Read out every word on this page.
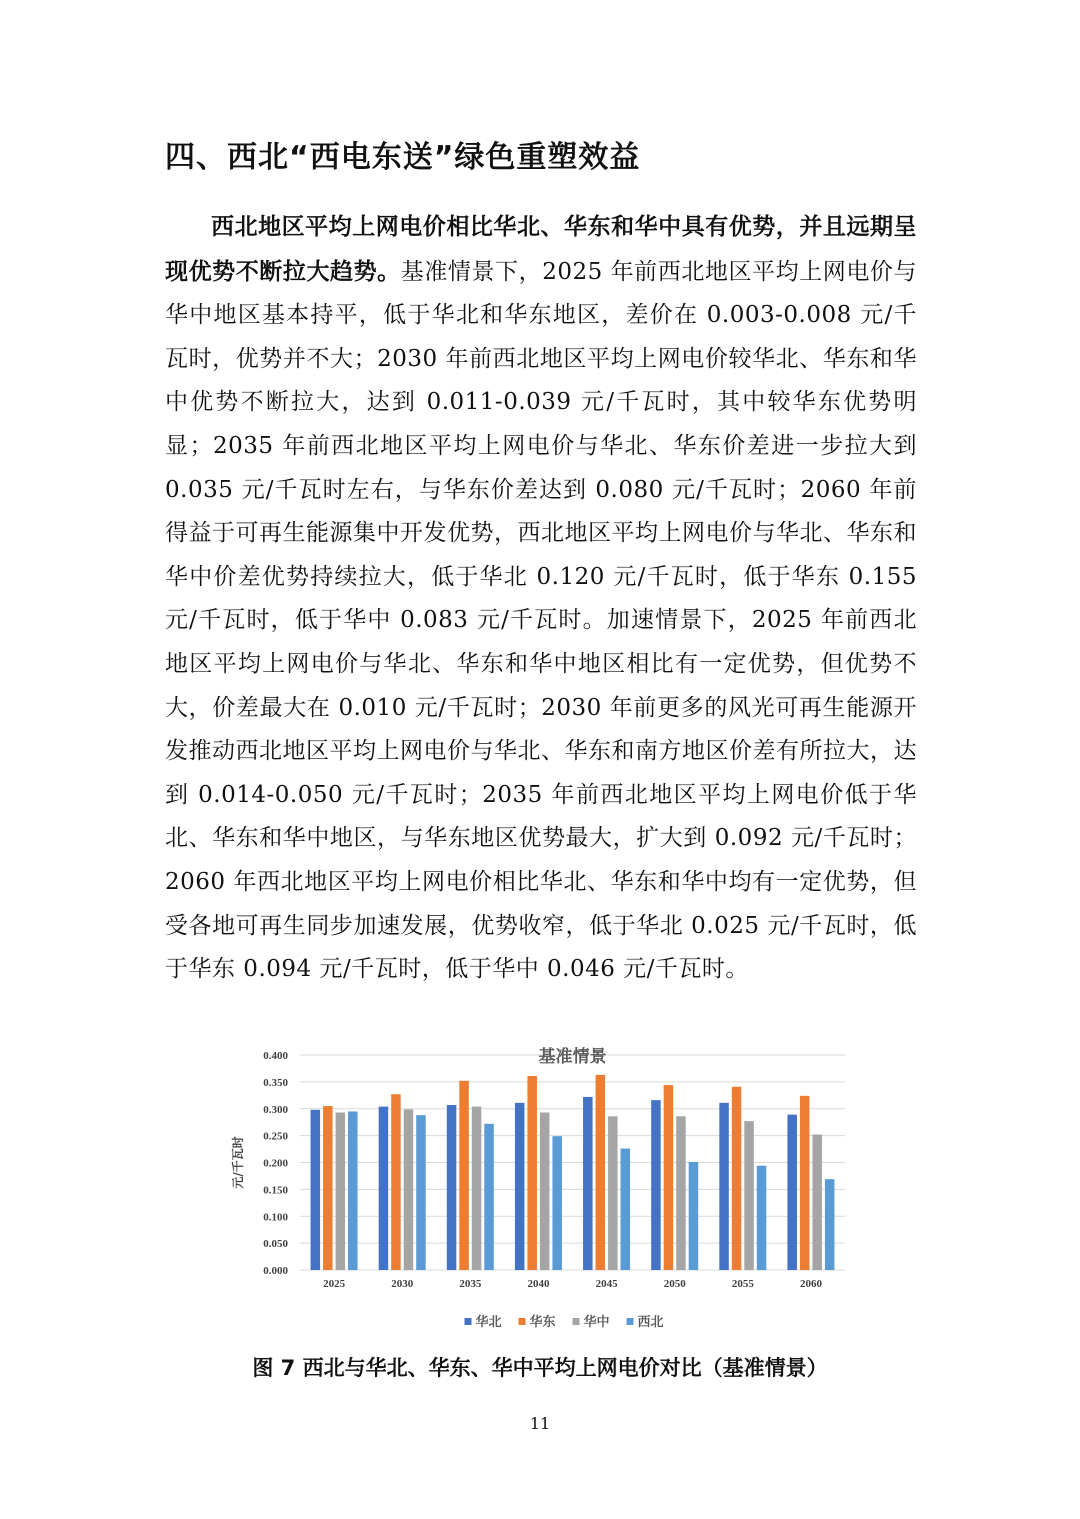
四、西北“西电东送”绿色重塑效益
西北地区平均上网电价相比华北、华东和华中具有优势，并且远期呈现优势不断拉大趋势。基准情景下，2025 年前西北地区平均上网电价与华中地区基本持平，低于华北和华东地区，差价在 0.003-0.008 元/千瓦时，优势并不大；2030 年前西北地区平均上网电价较华北、华东和华中优势不断拉大，达到 0.011-0.039 元/千瓦时，其中较华东优势明显；2035 年前西北地区平均上网电价与华北、华东价差进一步拉大到 0.035 元/千瓦时左右，与华东价差达到 0.080 元/千瓦时；2060 年前得益于可再生能源集中开发优势，西北地区平均上网电价与华北、华东和华中价差优势持续拉大，低于华北 0.120 元/千瓦时，低于华东 0.155 元/千瓦时，低于华中 0.083 元/千瓦时。加速情景下，2025 年前西北地区平均上网电价与华北、华东和华中地区相比有一定优势，但优势不大，价差最大在 0.010 元/千瓦时；2030 年前更多的风光可再生能源开发推动西北地区平均上网电价与华北、华东和南方地区价差有所拉大，达到 0.014-0.050 元/千瓦时；2035 年前西北地区平均上网电价低于华北、华东和华中地区，与华东地区优势最大，扩大到 0.092 元/千瓦时；2060 年西北地区平均上网电价相比华北、华东和华中均有一定优势，但受各地可再生同步加速发展，优势收窄，低于华北 0.025 元/千瓦时，低于华东 0.094 元/千瓦时，低于华中 0.046 元/千瓦时。
0.000
0.050
0.100
0.150
0.200
0.250
0.300
0.350
0.400	基准情景
元/千瓦时
2025	2030	2035	2040	2045	2050	2055	2060
华北 华东 华中 西北
图 7 西北与华北、华东、华中平均上网电价对比（基准情景）
11
